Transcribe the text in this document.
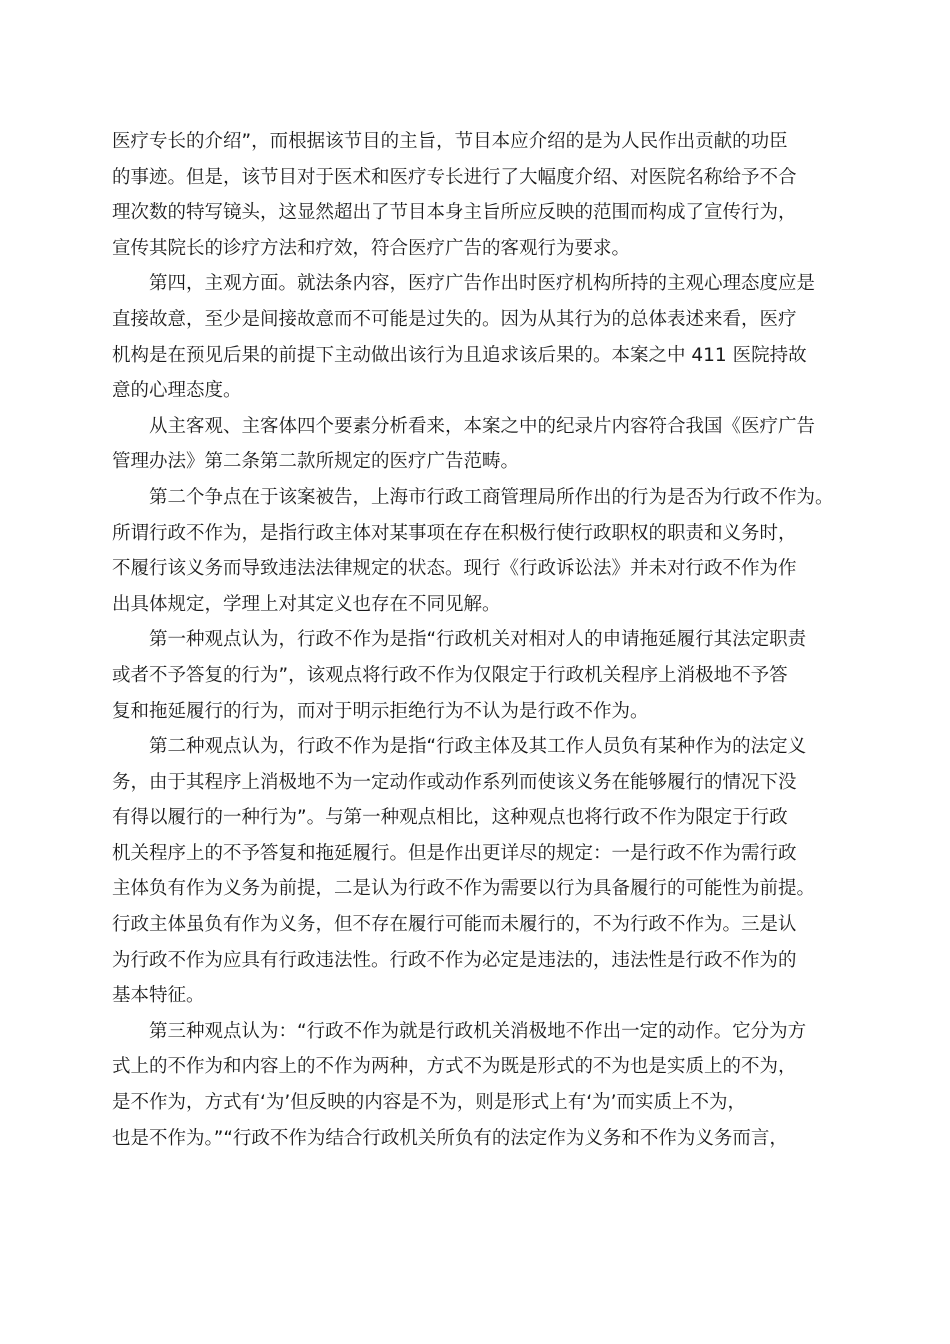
医疗专长的介绍”，而根据该节目的主旨，节目本应介绍的是为人民作出贡献的功臣
的事迹。但是，该节目对于医术和医疗专长进行了大幅度介绍、对医院名称给予不合
理次数的特写镜头，这显然超出了节目本身主旨所应反映的范围而构成了宣传行为，
宣传其院长的诊疗方法和疗效，符合医疗广告的客观行为要求。
第四，主观方面。就法条内容，医疗广告作出时医疗机构所持的主观心理态度应是
直接故意，至少是间接故意而不可能是过失的。因为从其行为的总体表述来看，医疗
机构是在预见后果的前提下主动做出该行为且追求该后果的。本案之中 411 医院持故
意的心理态度。
从主客观、主客体四个要素分析看来，本案之中的纪录片内容符合我国《医疗广告
管理办法》第二条第二款所规定的医疗广告范畴。
第二个争点在于该案被告，上海市行政工商管理局所作出的行为是否为行政不作为。
所谓行政不作为，是指行政主体对某事项在存在积极行使行政职权的职责和义务时，
不履行该义务而导致违法法律规定的状态。现行《行政诉讼法》并未对行政不作为作
出具体规定，学理上对其定义也存在不同见解。
第一种观点认为，行政不作为是指“行政机关对相对人的申请拖延履行其法定职责
或者不予答复的行为”，该观点将行政不作为仅限定于行政机关程序上消极地不予答
复和拖延履行的行为，而对于明示拒绝行为不认为是行政不作为。
第二种观点认为，行政不作为是指“行政主体及其工作人员负有某种作为的法定义
务，由于其程序上消极地不为一定动作或动作系列而使该义务在能够履行的情况下没
有得以履行的一种行为”。与第一种观点相比，这种观点也将行政不作为限定于行政
机关程序上的不予答复和拖延履行。但是作出更详尽的规定：一是行政不作为需行政
主体负有作为义务为前提，二是认为行政不作为需要以行为具备履行的可能性为前提。
行政主体虽负有作为义务，但不存在履行可能而未履行的，不为行政不作为。三是认
为行政不作为应具有行政违法性。行政不作为必定是违法的，违法性是行政不作为的
基本特征。
第三种观点认为：“行政不作为就是行政机关消极地不作出一定的动作。它分为方
式上的不作为和内容上的不作为两种，方式不为既是形式的不为也是实质上的不为，
是不作为，方式有‘为’但反映的内容是不为，则是形式上有‘为’而实质上不为，
也是不作为。”“行政不作为结合行政机关所负有的法定作为义务和不作为义务而言，
